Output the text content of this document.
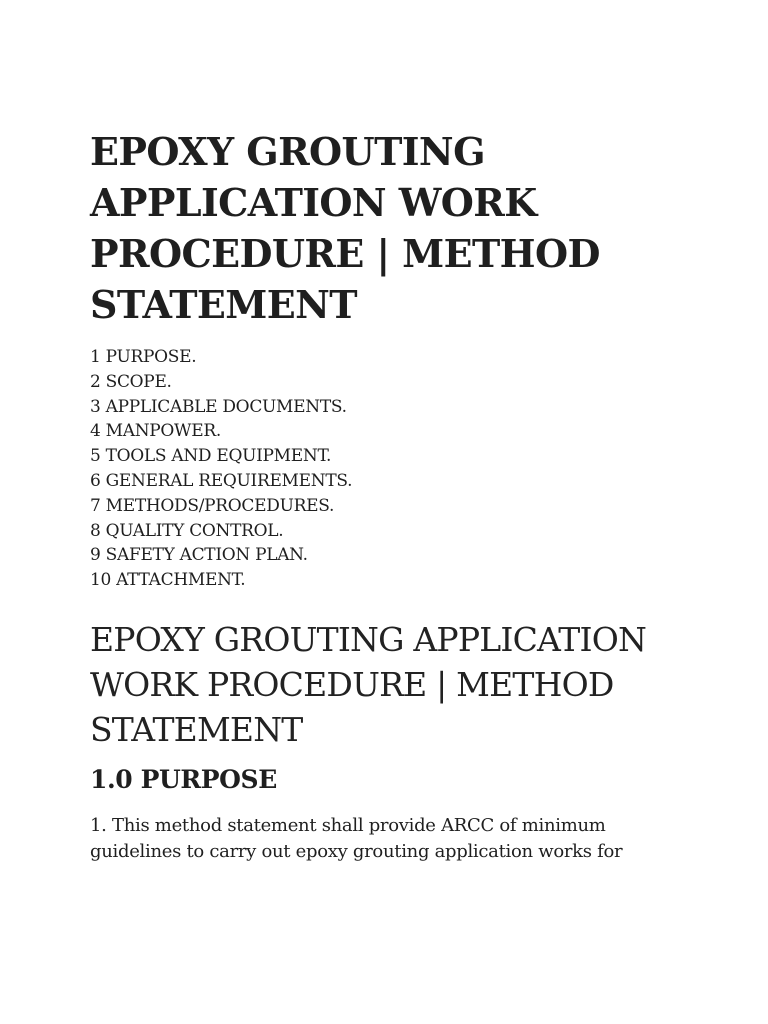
EPOXY GROUTING APPLICATION WORK PROCEDURE | METHOD STATEMENT
1 PURPOSE.
2 SCOPE.
3 APPLICABLE DOCUMENTS.
4 MANPOWER.
5 TOOLS AND EQUIPMENT.
6 GENERAL REQUIREMENTS.
7 METHODS/PROCEDURES.
8 QUALITY CONTROL.
9 SAFETY ACTION PLAN.
10 ATTACHMENT.
EPOXY GROUTING APPLICATION WORK PROCEDURE | METHOD STATEMENT
1.0 PURPOSE

1. This method statement shall provide ARCC of minimum guidelines to carry out epoxy grouting application works for
